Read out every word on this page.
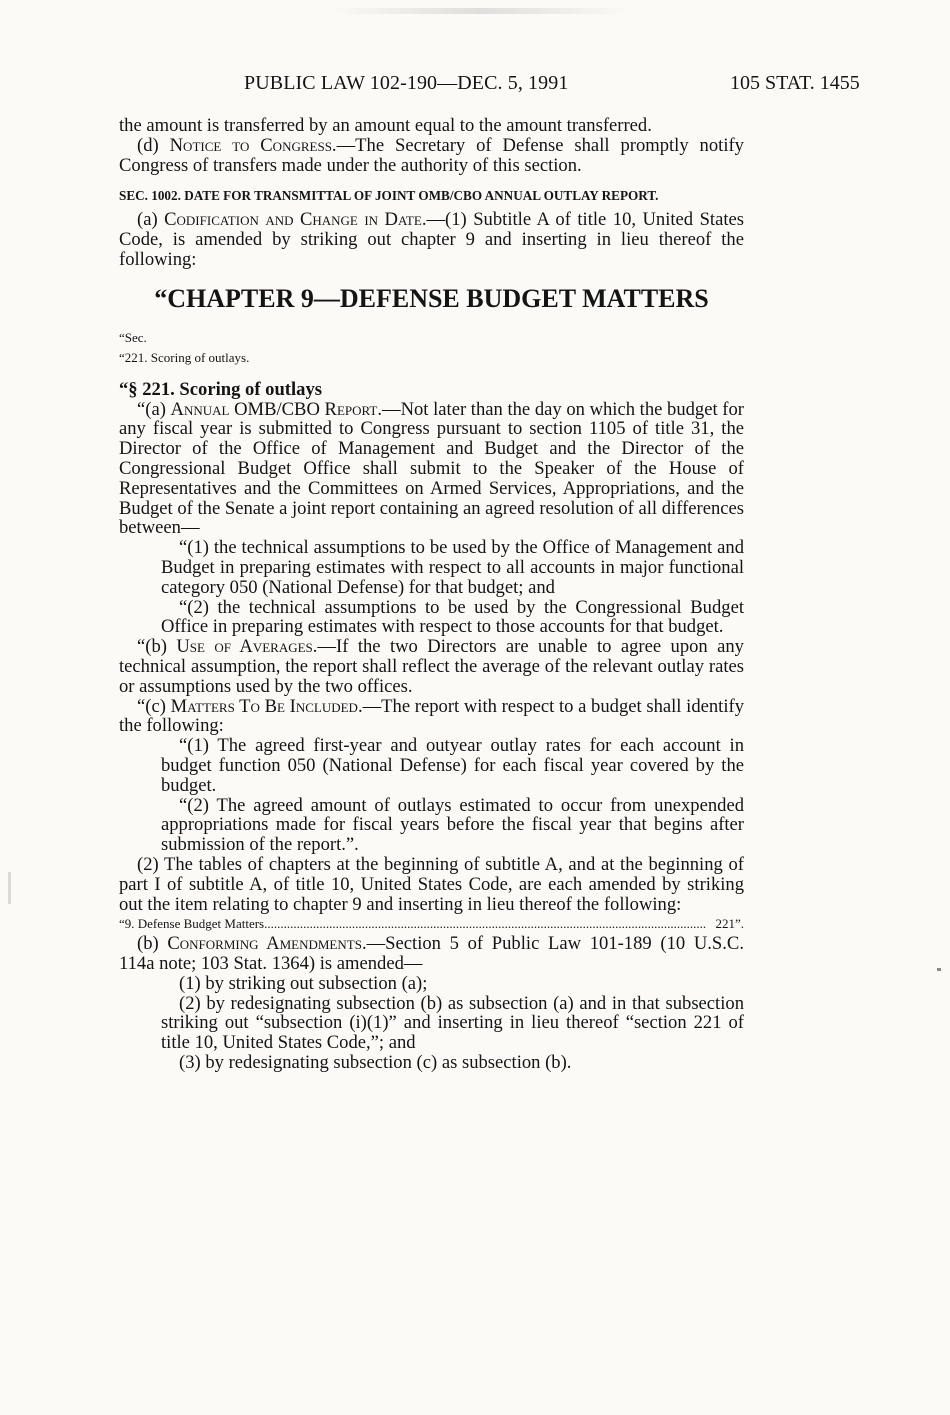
PUBLIC LAW 102-190—DEC. 5, 1991	105 STAT. 1455

the amount is transferred by an amount equal to the amount transferred.

(d) Notice to Congress.—The Secretary of Defense shall promptly notify Congress of transfers made under the authority of this section.

SEC. 1002. DATE FOR TRANSMITTAL OF JOINT OMB/CBO ANNUAL OUTLAY REPORT.

(a) Codification and Change in Date.—(1) Subtitle A of title 10, United States Code, is amended by striking out chapter 9 and inserting in lieu thereof the following:

“CHAPTER 9—DEFENSE BUDGET MATTERS

“Sec.

“221. Scoring of outlays.

“§ 221. Scoring of outlays

“(a) Annual OMB/CBO Report.—Not later than the day on which the budget for any fiscal year is submitted to Congress pursuant to section 1105 of title 31, the Director of the Office of Management and Budget and the Director of the Congressional Budget Office shall submit to the Speaker of the House of Representatives and the Committees on Armed Services, Appropriations, and the Budget of the Senate a joint report containing an agreed resolution of all differences between—

“(1) the technical assumptions to be used by the Office of Management and Budget in preparing estimates with respect to all accounts in major functional category 050 (National Defense) for that budget; and

“(2) the technical assumptions to be used by the Congressional Budget Office in preparing estimates with respect to those accounts for that budget.

“(b) Use of Averages.—If the two Directors are unable to agree upon any technical assumption, the report shall reflect the average of the relevant outlay rates or assumptions used by the two offices.

“(c) Matters To Be Included.—The report with respect to a budget shall identify the following:

“(1) The agreed first-year and outyear outlay rates for each account in budget function 050 (National Defense) for each fiscal year covered by the budget.

“(2) The agreed amount of outlays estimated to occur from unexpended appropriations made for fiscal years before the fiscal year that begins after submission of the report.”.

(2) The tables of chapters at the beginning of subtitle A, and at the beginning of part I of subtitle A, of title 10, United States Code, are each amended by striking out the item relating to chapter 9 and inserting in lieu thereof the following:

“9. Defense Budget Matters
.....	221”.

(b) Conforming Amendments.—Section 5 of Public Law 101-189 (10 U.S.C. 114a note; 103 Stat. 1364) is amended—

(1) by striking out subsection (a);

(2) by redesignating subsection (b) as subsection (a) and in that subsection striking out “subsection (i)(1)” and inserting in lieu thereof “section 221 of title 10, United States Code,”; and

(3) by redesignating subsection (c) as subsection (b).
